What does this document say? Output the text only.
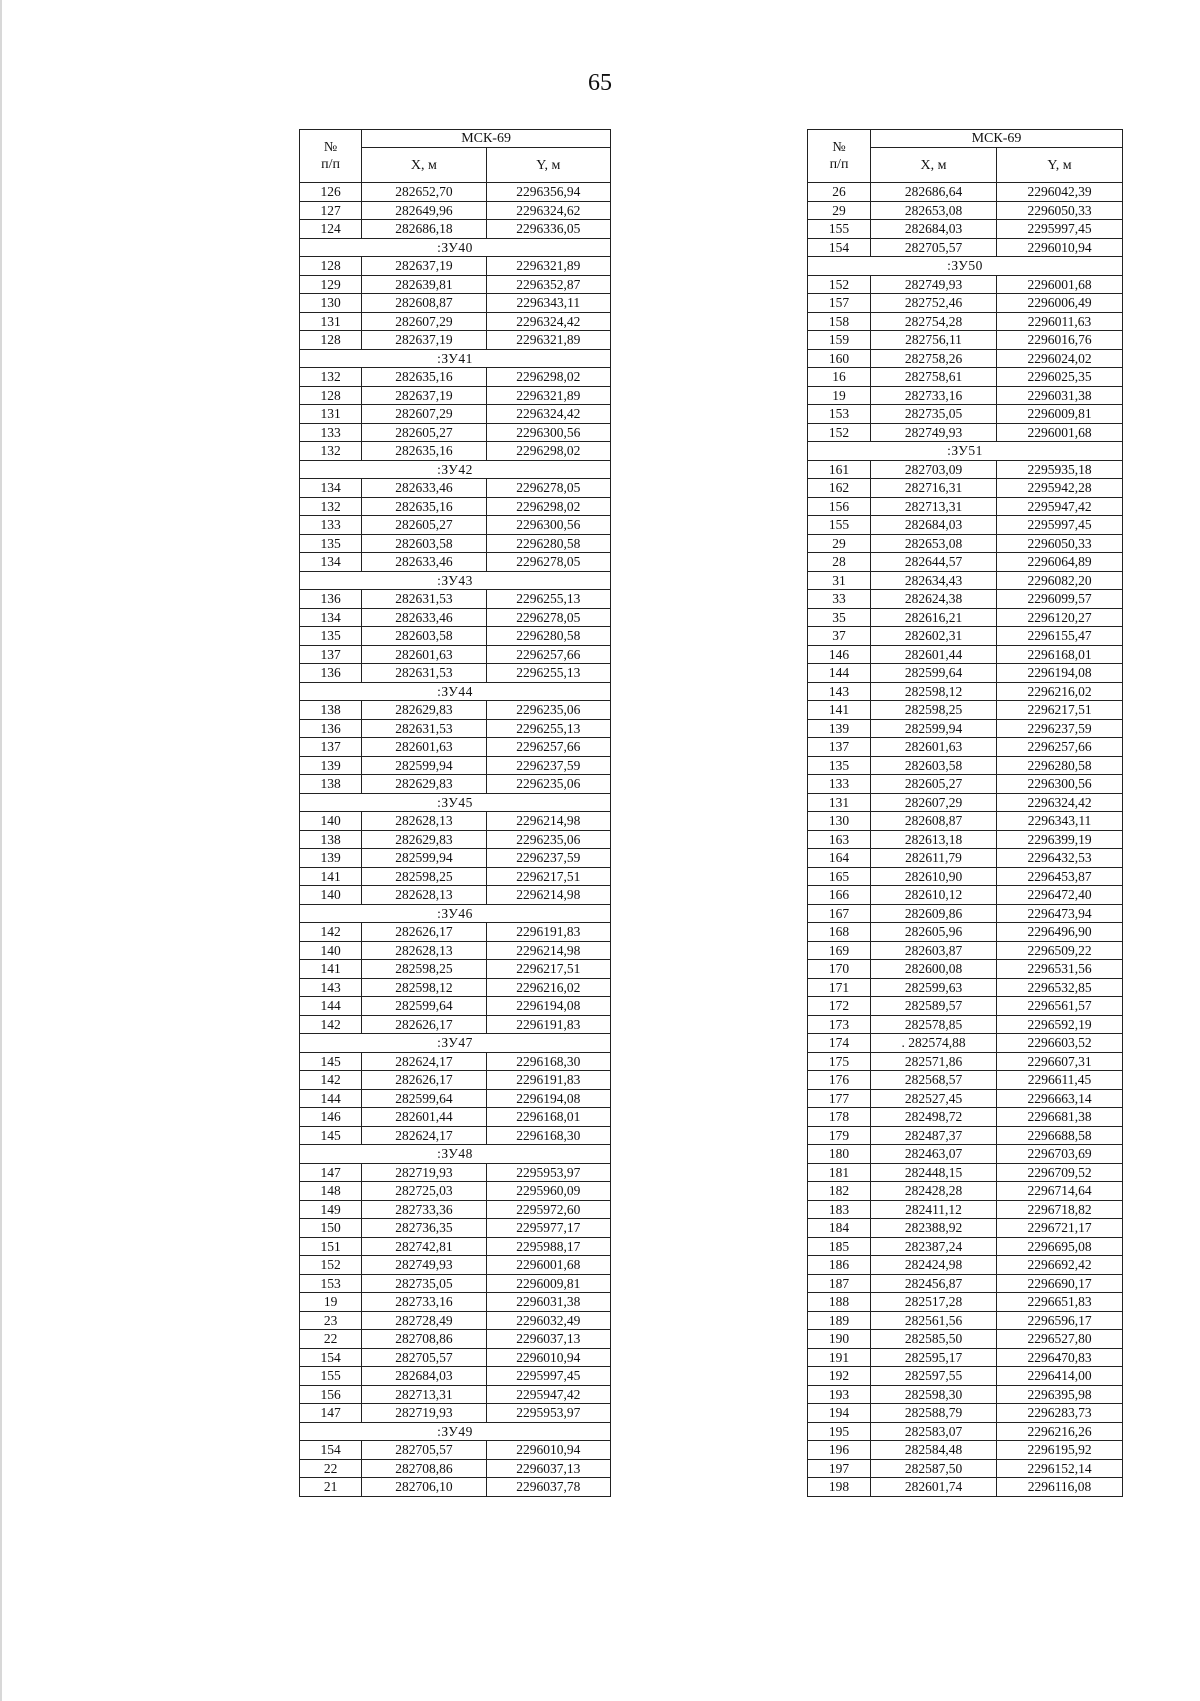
65
№
п/п	МСК-69	
	X, м	Y, м
126	282652,70	2296356,94
127	282649,96	2296324,62
124	282686,18	2296336,05
:ЗУ40		
128	282637,19	2296321,89
129	282639,81	2296352,87
130	282608,87	2296343,11
131	282607,29	2296324,42
128	282637,19	2296321,89
:ЗУ41		
132	282635,16	2296298,02
128	282637,19	2296321,89
131	282607,29	2296324,42
133	282605,27	2296300,56
132	282635,16	2296298,02
:ЗУ42		
134	282633,46	2296278,05
132	282635,16	2296298,02
133	282605,27	2296300,56
135	282603,58	2296280,58
134	282633,46	2296278,05
:ЗУ43		
136	282631,53	2296255,13
134	282633,46	2296278,05
135	282603,58	2296280,58
137	282601,63	2296257,66
136	282631,53	2296255,13
:ЗУ44		
138	282629,83	2296235,06
136	282631,53	2296255,13
137	282601,63	2296257,66
139	282599,94	2296237,59
138	282629,83	2296235,06
:ЗУ45		
140	282628,13	2296214,98
138	282629,83	2296235,06
139	282599,94	2296237,59
141	282598,25	2296217,51
140	282628,13	2296214,98
:ЗУ46		
142	282626,17	2296191,83
140	282628,13	2296214,98
141	282598,25	2296217,51
143	282598,12	2296216,02
144	282599,64	2296194,08
142	282626,17	2296191,83
:ЗУ47		
145	282624,17	2296168,30
142	282626,17	2296191,83
144	282599,64	2296194,08
146	282601,44	2296168,01
145	282624,17	2296168,30
:ЗУ48		
147	282719,93	2295953,97
148	282725,03	2295960,09
149	282733,36	2295972,60
150	282736,35	2295977,17
151	282742,81	2295988,17
152	282749,93	2296001,68
153	282735,05	2296009,81
19	282733,16	2296031,38
23	282728,49	2296032,49
22	282708,86	2296037,13
154	282705,57	2296010,94
155	282684,03	2295997,45
156	282713,31	2295947,42
147	282719,93	2295953,97
:ЗУ49		
154	282705,57	2296010,94
22	282708,86	2296037,13
21	282706,10	2296037,78
№
п/п	МСК-69	
	X, м	Y, м
26	282686,64	2296042,39
29	282653,08	2296050,33
155	282684,03	2295997,45
154	282705,57	2296010,94
:ЗУ50		
152	282749,93	2296001,68
157	282752,46	2296006,49
158	282754,28	2296011,63
159	282756,11	2296016,76
160	282758,26	2296024,02
16	282758,61	2296025,35
19	282733,16	2296031,38
153	282735,05	2296009,81
152	282749,93	2296001,68
:ЗУ51		
161	282703,09	2295935,18
162	282716,31	2295942,28
156	282713,31	2295947,42
155	282684,03	2295997,45
29	282653,08	2296050,33
28	282644,57	2296064,89
31	282634,43	2296082,20
33	282624,38	2296099,57
35	282616,21	2296120,27
37	282602,31	2296155,47
146	282601,44	2296168,01
144	282599,64	2296194,08
143	282598,12	2296216,02
141	282598,25	2296217,51
139	282599,94	2296237,59
137	282601,63	2296257,66
135	282603,58	2296280,58
133	282605,27	2296300,56
131	282607,29	2296324,42
130	282608,87	2296343,11
163	282613,18	2296399,19
164	282611,79	2296432,53
165	282610,90	2296453,87
166	282610,12	2296472,40
167	282609,86	2296473,94
168	282605,96	2296496,90
169	282603,87	2296509,22
170	282600,08	2296531,56
171	282599,63	2296532,85
172	282589,57	2296561,57
173	282578,85	2296592,19
174	. 282574,88	2296603,52
175	282571,86	2296607,31
176	282568,57	2296611,45
177	282527,45	2296663,14
178	282498,72	2296681,38
179	282487,37	2296688,58
180	282463,07	2296703,69
181	282448,15	2296709,52
182	282428,28	2296714,64
183	282411,12	2296718,82
184	282388,92	2296721,17
185	282387,24	2296695,08
186	282424,98	2296692,42
187	282456,87	2296690,17
188	282517,28	2296651,83
189	282561,56	2296596,17
190	282585,50	2296527,80
191	282595,17	2296470,83
192	282597,55	2296414,00
193	282598,30	2296395,98
194	282588,79	2296283,73
195	282583,07	2296216,26
196	282584,48	2296195,92
197	282587,50	2296152,14
198	282601,74	2296116,08
